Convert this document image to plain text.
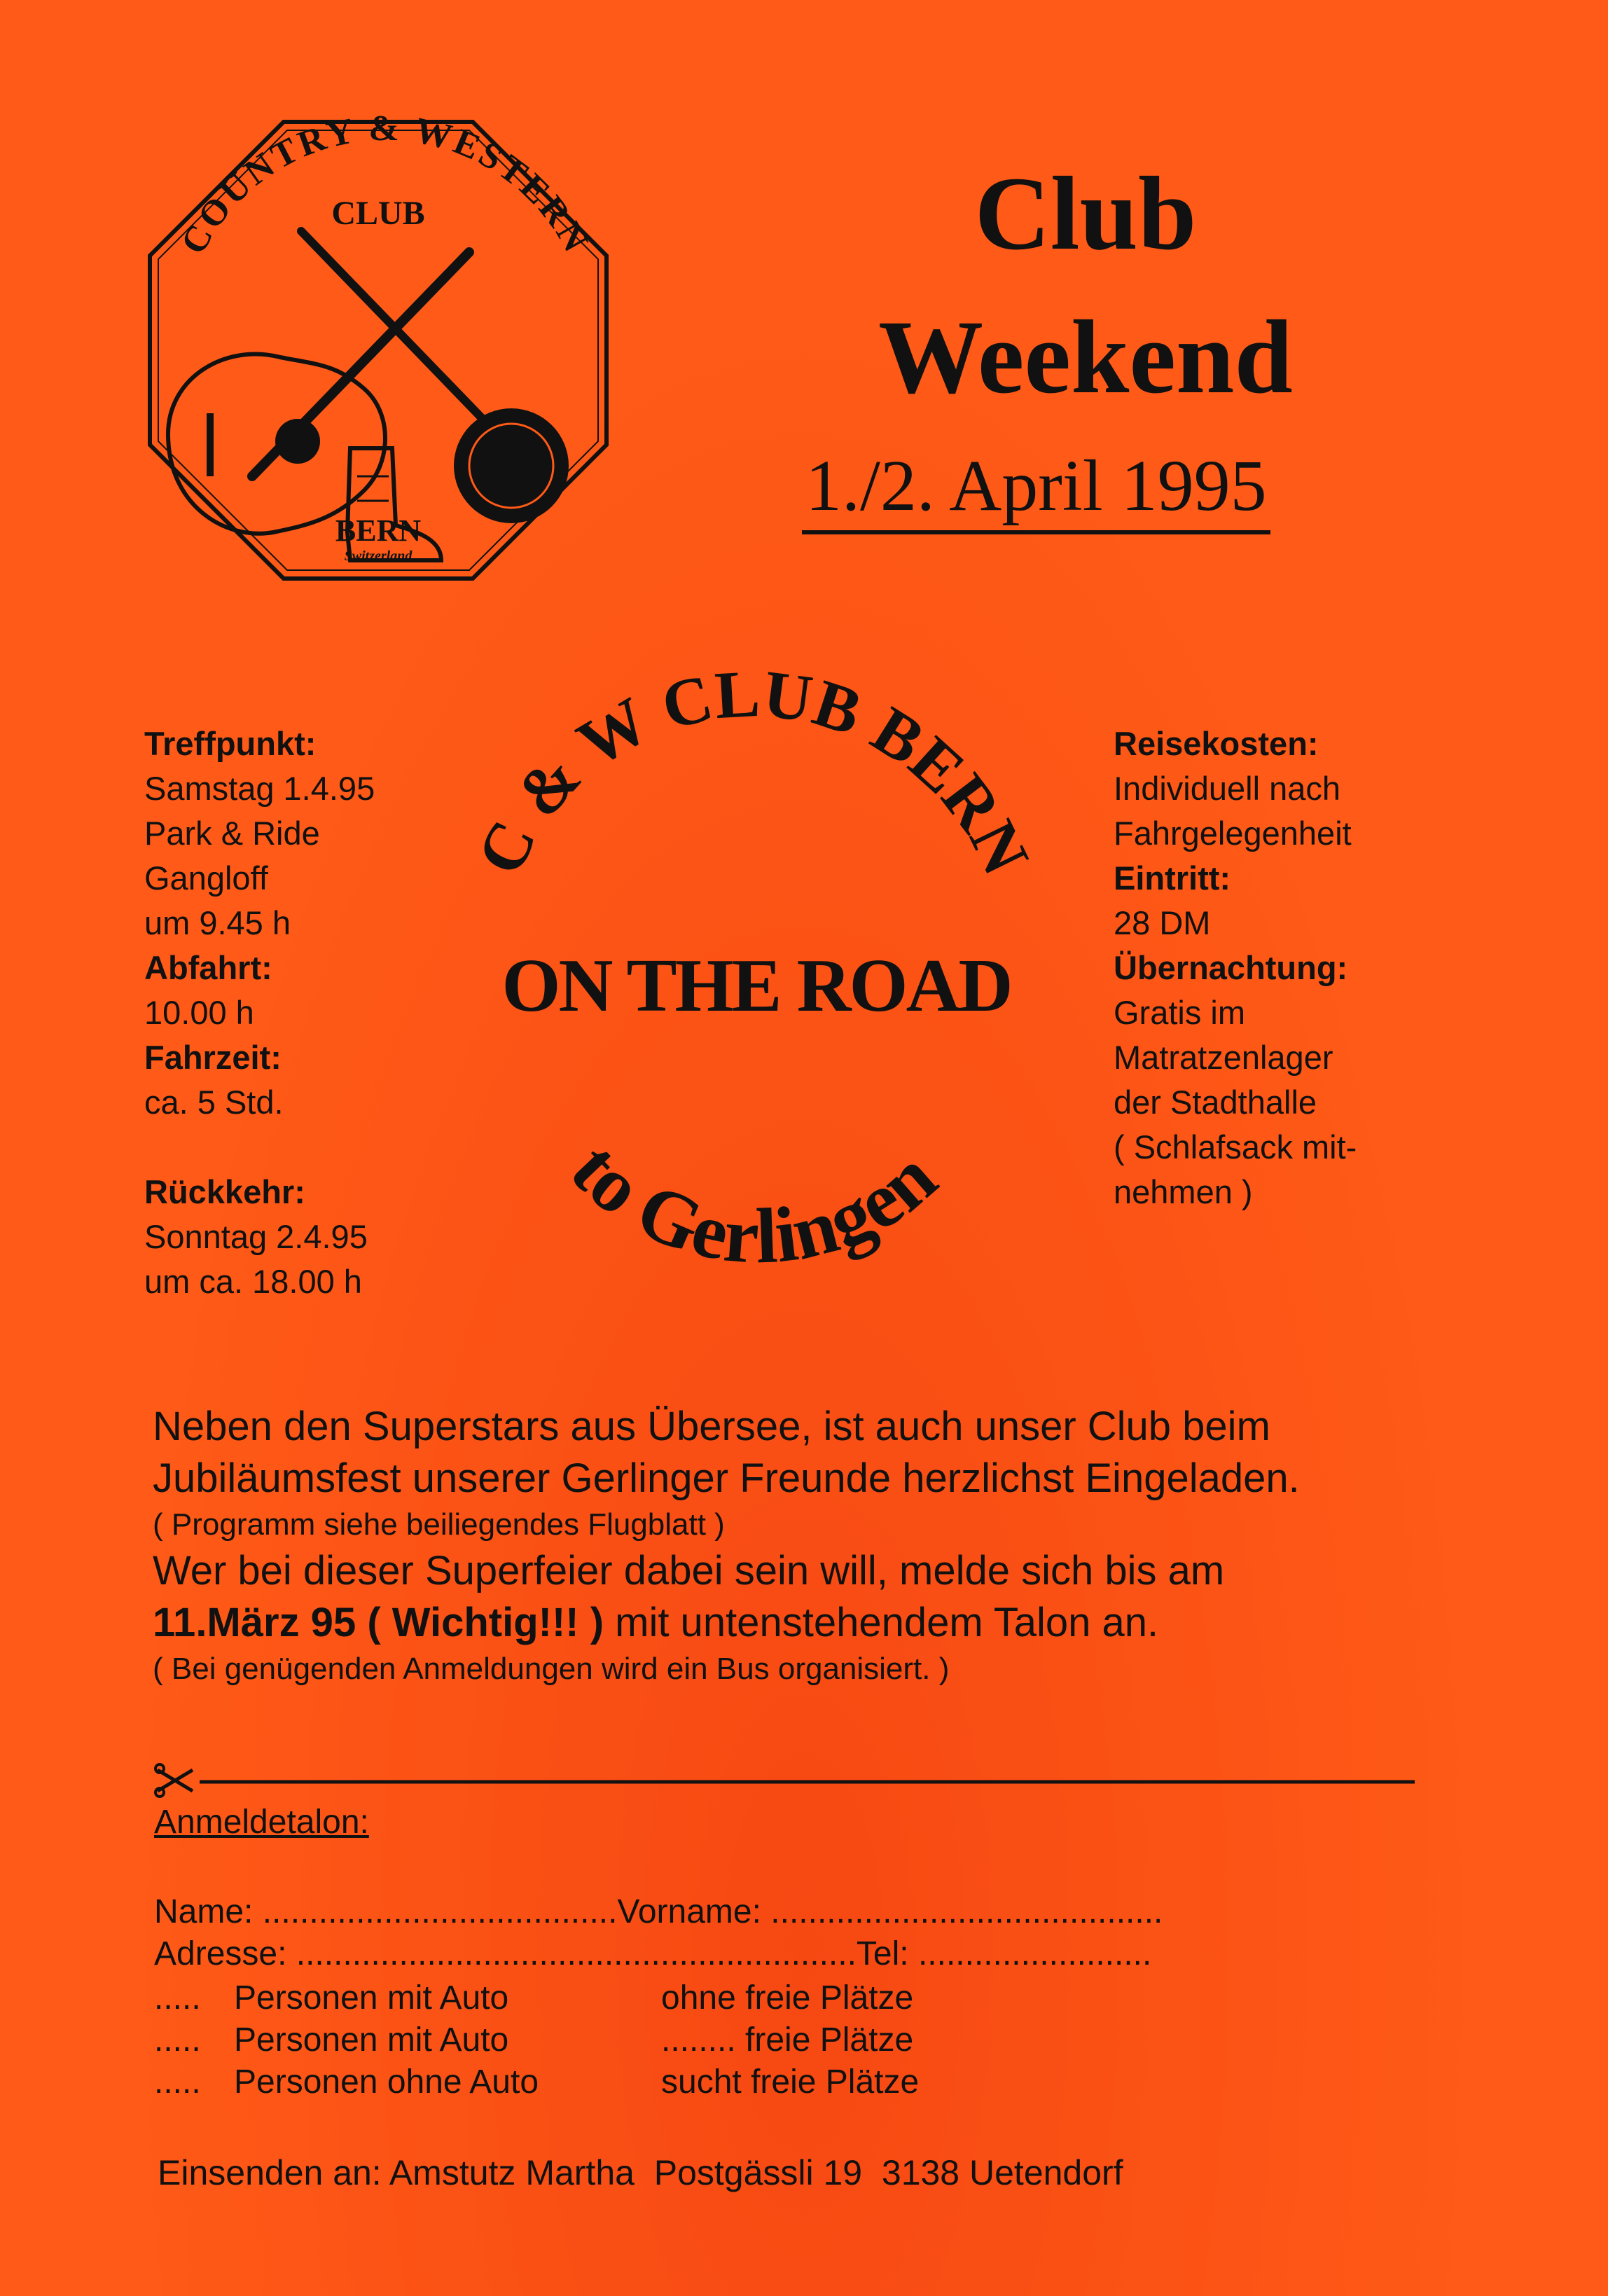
COUNTRY & WESTERN
CLUB
BERN
Switzerland
Club
Weekend
1./2. April 1995
Treffpunkt:
Samstag 1.4.95
Park & Ride
Gangloff
um 9.45 h
Abfahrt:
10.00 h
Fahrzeit:
ca. 5 Std.
Rückkehr:
Sonntag 2.4.95
um ca. 18.00 h
C & W CLUB BERN
ON THE ROAD
to Gerlingen
Reisekosten:
Individuell nach
Fahrgelegenheit
Eintritt:
28 DM
Übernachtung:
Gratis im
Matratzenlager
der Stadthalle
( Schlafsack mit-
nehmen )
Neben den Superstars aus Übersee, ist auch unser Club beim
Jubiläumsfest unserer Gerlinger Freunde herzlichst Eingeladen.
( Programm siehe beiliegendes Flugblatt )
Wer bei dieser Superfeier dabei sein will, melde sich bis am
11.März 95 ( Wichtig!!! ) mit untenstehendem Talon an.
( Bei genügenden Anmeldungen wird ein Bus organisiert. )
Anmeldetalon:
Name: ......................................Vorname: ..........................................
Adresse: ............................................................Tel: .........................
..... Personen mit Auto	ohne freie Plätze
..... Personen mit Auto	........ freie Plätze
..... Personen ohne Auto	sucht freie Plätze
Einsenden an: Amstutz Martha  Postgässli 19  3138 Uetendorf
